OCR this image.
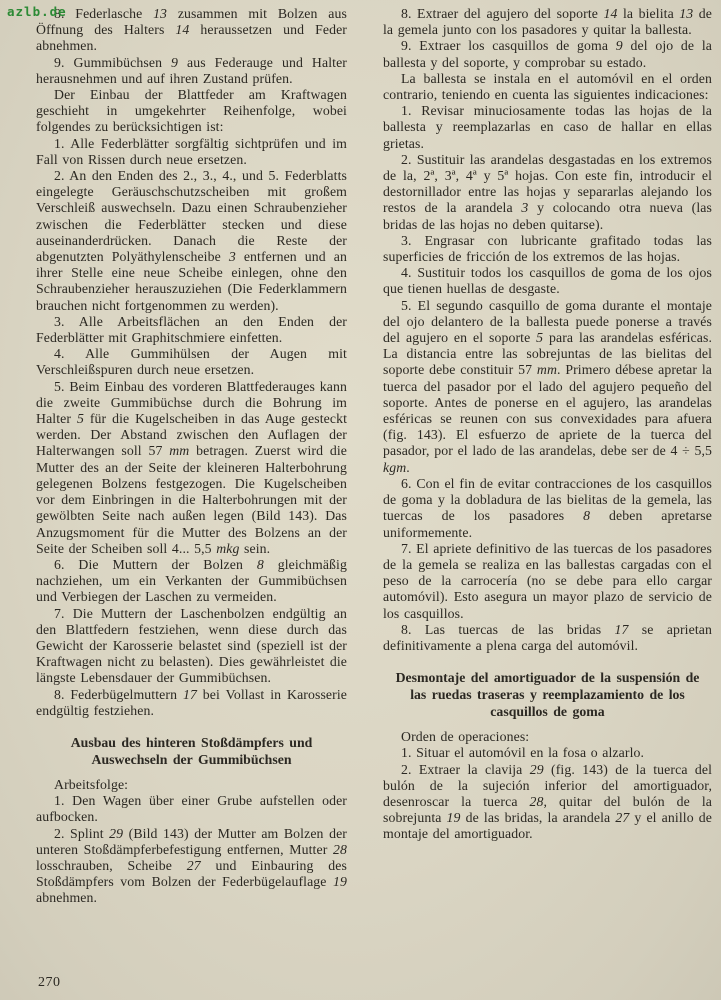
azlb.de

8. Federlasche 13 zusammen mit Bolzen aus Öffnung des Halters 14 heraussetzen und Feder abnehmen.

9. Gummibüchsen 9 aus Federauge und Halter herausnehmen und auf ihren Zustand prüfen.

Der Einbau der Blattfeder am Kraftwagen geschieht in umgekehrter Reihenfolge, wobei folgendes zu berücksichtigen ist:

1. Alle Federblätter sorgfältig sichtprüfen und im Fall von Rissen durch neue ersetzen.

2. An den Enden des 2., 3., 4., und 5. Federblatts eingelegte Geräuschschutzscheiben mit großem Verschleiß auswechseln. Dazu einen Schraubenzieher zwischen die Federblätter stecken und diese auseinanderdrücken. Danach die Reste der abgenutzten Polyäthylenscheibe 3 entfernen und an ihrer Stelle eine neue Scheibe einlegen, ohne den Schraubenzieher herauszuziehen (Die Federklammern brauchen nicht fortgenommen zu werden).

3. Alle Arbeitsflächen an den Enden der Federblätter mit Graphitschmiere einfetten.

4. Alle Gummihülsen der Augen mit Verschleißspuren durch neue ersetzen.

5. Beim Einbau des vorderen Blattfederauges kann die zweite Gummibüchse durch die Bohrung im Halter 5 für die Kugelscheiben in das Auge gesteckt werden. Der Abstand zwischen den Auflagen der Halterwangen soll 57 mm betragen. Zuerst wird die Mutter des an der Seite der kleineren Halterbohrung gelegenen Bolzens festgezogen. Die Kugelscheiben vor dem Einbringen in die Halterbohrungen mit der gewölbten Seite nach außen legen (Bild 143). Das Anzugsmoment für die Mutter des Bolzens an der Seite der Scheiben soll 4... 5,5 mkg sein.

6. Die Muttern der Bolzen 8 gleichmäßig nachziehen, um ein Verkanten der Gummibüchsen und Verbiegen der Laschen zu vermeiden.

7. Die Muttern der Laschenbolzen endgültig an den Blattfedern festziehen, wenn diese durch das Gewicht der Karosserie belastet sind (speziell ist der Kraftwagen nicht zu belasten). Dies gewährleistet die längste Lebensdauer der Gummibüchsen.

8. Federbügelmuttern 17 bei Vollast in Karosserie endgültig festziehen.

Ausbau des hinteren Stoßdämpfers und Auswechseln der Gummibüchsen

Arbeitsfolge:

1. Den Wagen über einer Grube aufstellen oder aufbocken.

2. Splint 29 (Bild 143) der Mutter am Bolzen der unteren Stoßdämpferbefestigung entfernen, Mutter 28 losschrauben, Scheibe 27 und Einbauring des Stoßdämpfers vom Bolzen der Federbügelauflage 19 abnehmen.

8. Extraer del agujero del soporte 14 la bielita 13 de la gemela junto con los pasadores y quitar la ballesta.

9. Extraer los casquillos de goma 9 del ojo de la ballesta y del soporte, y comprobar su estado.

La ballesta se instala en el automóvil en el orden contrario, teniendo en cuenta las siguientes indicaciones:

1. Revisar minuciosamente todas las hojas de la ballesta y reemplazarlas en caso de hallar en ellas grietas.

2. Sustituir las arandelas desgastadas en los extremos de la, 2ª, 3ª, 4ª y 5ª hojas. Con este fin, introducir el destornillador entre las hojas y separarlas alejando los restos de la arandela 3 y colocando otra nueva (las bridas de las hojas no deben quitarse).

3. Engrasar con lubricante grafitado todas las superficies de fricción de los extremos de las hojas.

4. Sustituir todos los casquillos de goma de los ojos que tienen huellas de desgaste.

5. El segundo casquillo de goma durante el montaje del ojo delantero de la ballesta puede ponerse a través del agujero en el soporte 5 para las arandelas esféricas. La distancia entre las sobrejuntas de las bielitas del soporte debe constituir 57 mm. Primero débese apretar la tuerca del pasador por el lado del agujero pequeño del soporte. Antes de ponerse en el agujero, las arandelas esféricas se reunen con sus convexidades para afuera (fig. 143). El esfuerzo de apriete de la tuerca del pasador, por el lado de las arandelas, debe ser de 4 ÷ 5,5 kgm.

6. Con el fin de evitar contracciones de los casquillos de goma y la dobladura de las bielitas de la gemela, las tuercas de los pasadores 8 deben apretarse uniformemente.

7. El apriete definitivo de las tuercas de los pasadores de la gemela se realiza en las ballestas cargadas con el peso de la carrocería (no se debe para ello cargar automóvil). Esto asegura un mayor plazo de servicio de los casquillos.

8. Las tuercas de las bridas 17 se aprietan definitivamente a plena carga del automóvil.

Desmontaje del amortiguador de la suspensión de las ruedas traseras y reemplazamiento de los casquillos de goma

Orden de operaciones:

1. Situar el automóvil en la fosa o alzarlo.

2. Extraer la clavija 29 (fig. 143) de la tuerca del bulón de la sujeción inferior del amortiguador, desenroscar la tuerca 28, quitar del bulón de la sobrejunta 19 de las bridas, la arandela 27 y el anillo de montaje del amortiguador.

270
